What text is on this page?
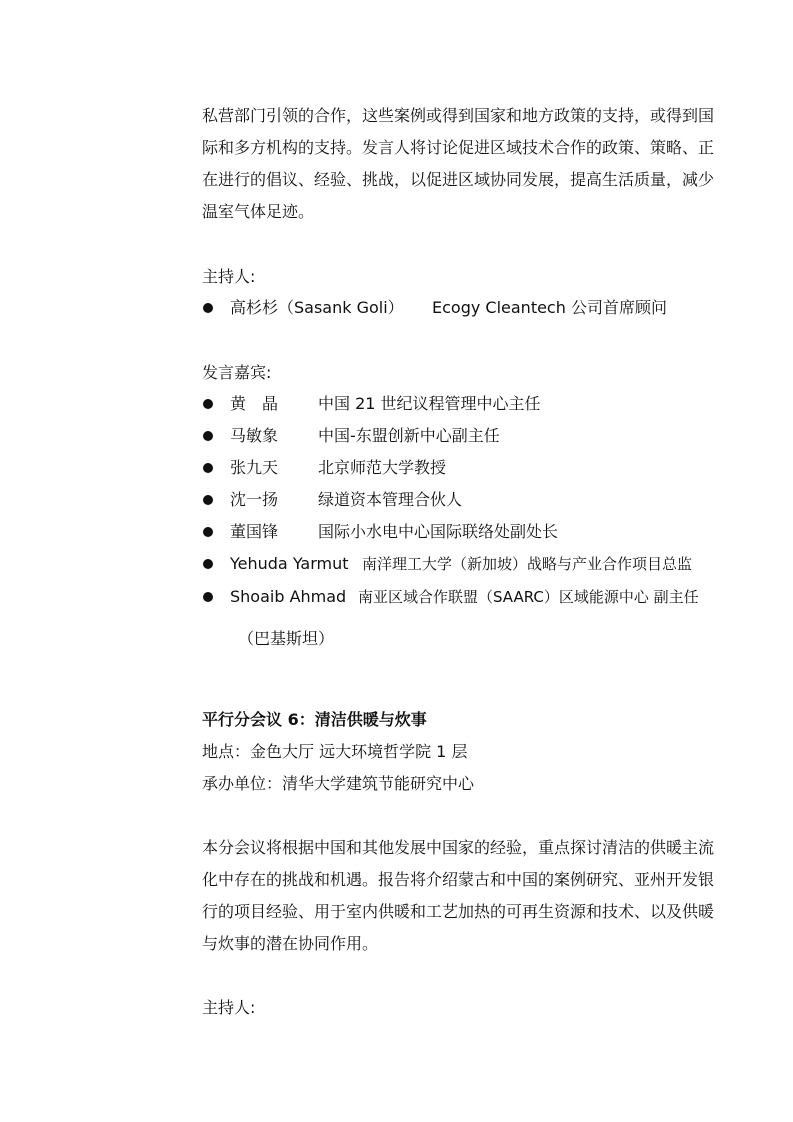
私营部门引领的合作，这些案例或得到国家和地方政策的支持，或得到国际和多方机构的支持。发言人将讨论促进区域技术合作的政策、策略、正在进行的倡议、经验、挑战，以促进区域协同发展，提高生活质量，减少温室气体足迹。
主持人:
高杉杉（Sasank Goli） Ecogy Cleantech 公司首席顾问
发言嘉宾:
黄　晶 中国 21 世纪议程管理中心主任
马敏象 中国-东盟创新中心副主任
张九天 北京师范大学教授
沈一扬 绿道资本管理合伙人
董国锋 国际小水电中心国际联络处副处长
Yehuda Yarmut 南洋理工大学（新加坡）战略与产业合作项目总监
Shoaib Ahmad 南亚区域合作联盟（SAARC）区域能源中心 副主任
（巴基斯坦）
平行分会议 6：清洁供暖与炊事
地点：金色大厅 远大环境哲学院 1 层
承办单位：清华大学建筑节能研究中心
本分会议将根据中国和其他发展中国家的经验，重点探讨清洁的供暖主流化中存在的挑战和机遇。报告将介绍蒙古和中国的案例研究、亚州开发银行的项目经验、用于室内供暖和工艺加热的可再生资源和技术、以及供暖与炊事的潜在协同作用。
主持人:
